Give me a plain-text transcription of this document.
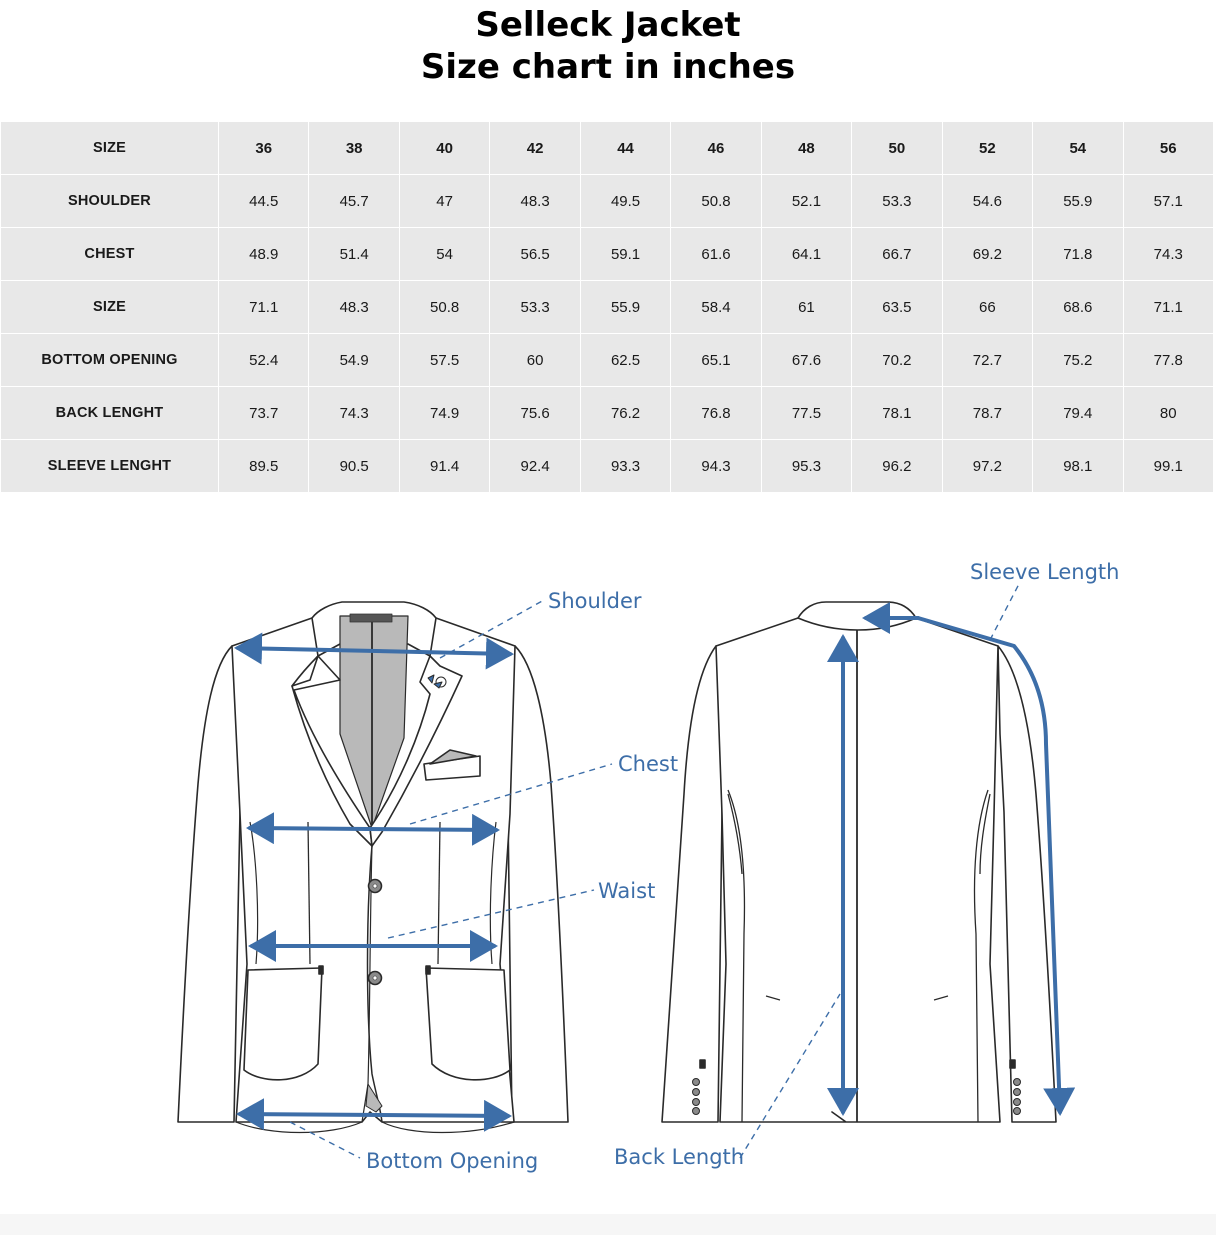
Selleck Jacket
Size chart in inches
SIZE	36	38	40	42	44	46	48	50	52	54	56
SHOULDER	44.5	45.7	47	48.3	49.5	50.8	52.1	53.3	54.6	55.9	57.1
CHEST	48.9	51.4	54	56.5	59.1	61.6	64.1	66.7	69.2	71.8	74.3
SIZE	71.1	48.3	50.8	53.3	55.9	58.4	61	63.5	66	68.6	71.1
BOTTOM OPENING	52.4	54.9	57.5	60	62.5	65.1	67.6	70.2	72.7	75.2	77.8
BACK LENGHT	73.7	74.3	74.9	75.6	76.2	76.8	77.5	78.1	78.7	79.4	80
SLEEVE LENGHT	89.5	90.5	91.4	92.4	93.3	94.3	95.3	96.2	97.2	98.1	99.1
Shoulder
Chest
Waist
Bottom Opening
Sleeve Length
Back Length
